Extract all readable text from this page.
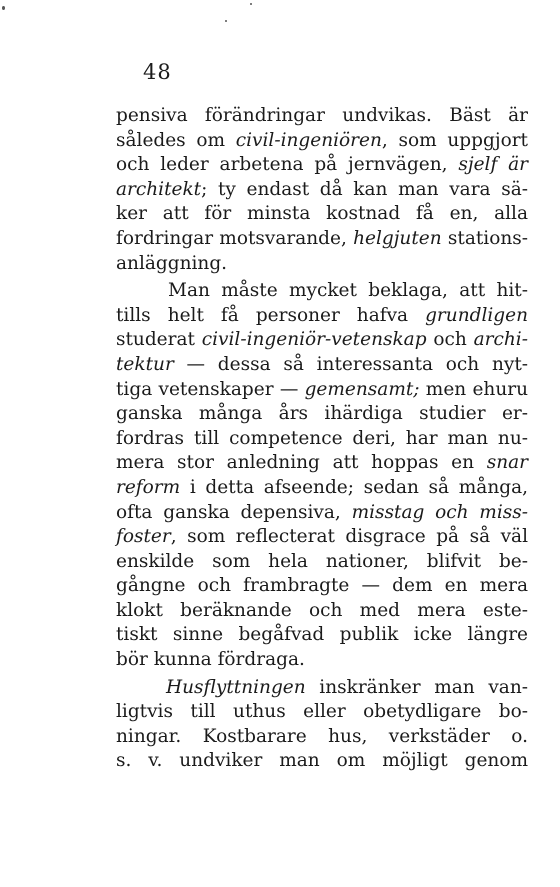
48
pensiva förändringar undvikas. Bäst är
således om civil-ingeniören, som uppgjort
och leder arbetena på jernvägen, sjelf är
architekt; ty endast då kan man vara sä-
ker att för minsta kostnad få en, alla
fordringar motsvarande, helgjuten stations-
anläggning.
Man måste mycket beklaga, att hit-
tills helt få personer hafva grundligen
studerat civil-ingeniör-vetenskap och archi-
tektur — dessa så interessanta och nyt-
tiga vetenskaper — gemensamt; men ehuru
ganska många års ihärdiga studier er-
fordras till competence deri, har man nu-
mera stor anledning att hoppas en snar
reform i detta afseende; sedan så många,
ofta ganska depensiva, misstag och miss-
foster, som reflecterat disgrace på så väl
enskilde som hela nationer, blifvit be-
gångne och frambragte — dem en mera
klokt beräknande och med mera este-
tiskt sinne begåfvad publik icke längre
bör kunna fördraga.
Husflyttningen inskränker man van-
ligtvis till uthus eller obetydligare bo-
ningar. Kostbarare hus, verkstäder o.
s. v. undviker man om möjligt genom
